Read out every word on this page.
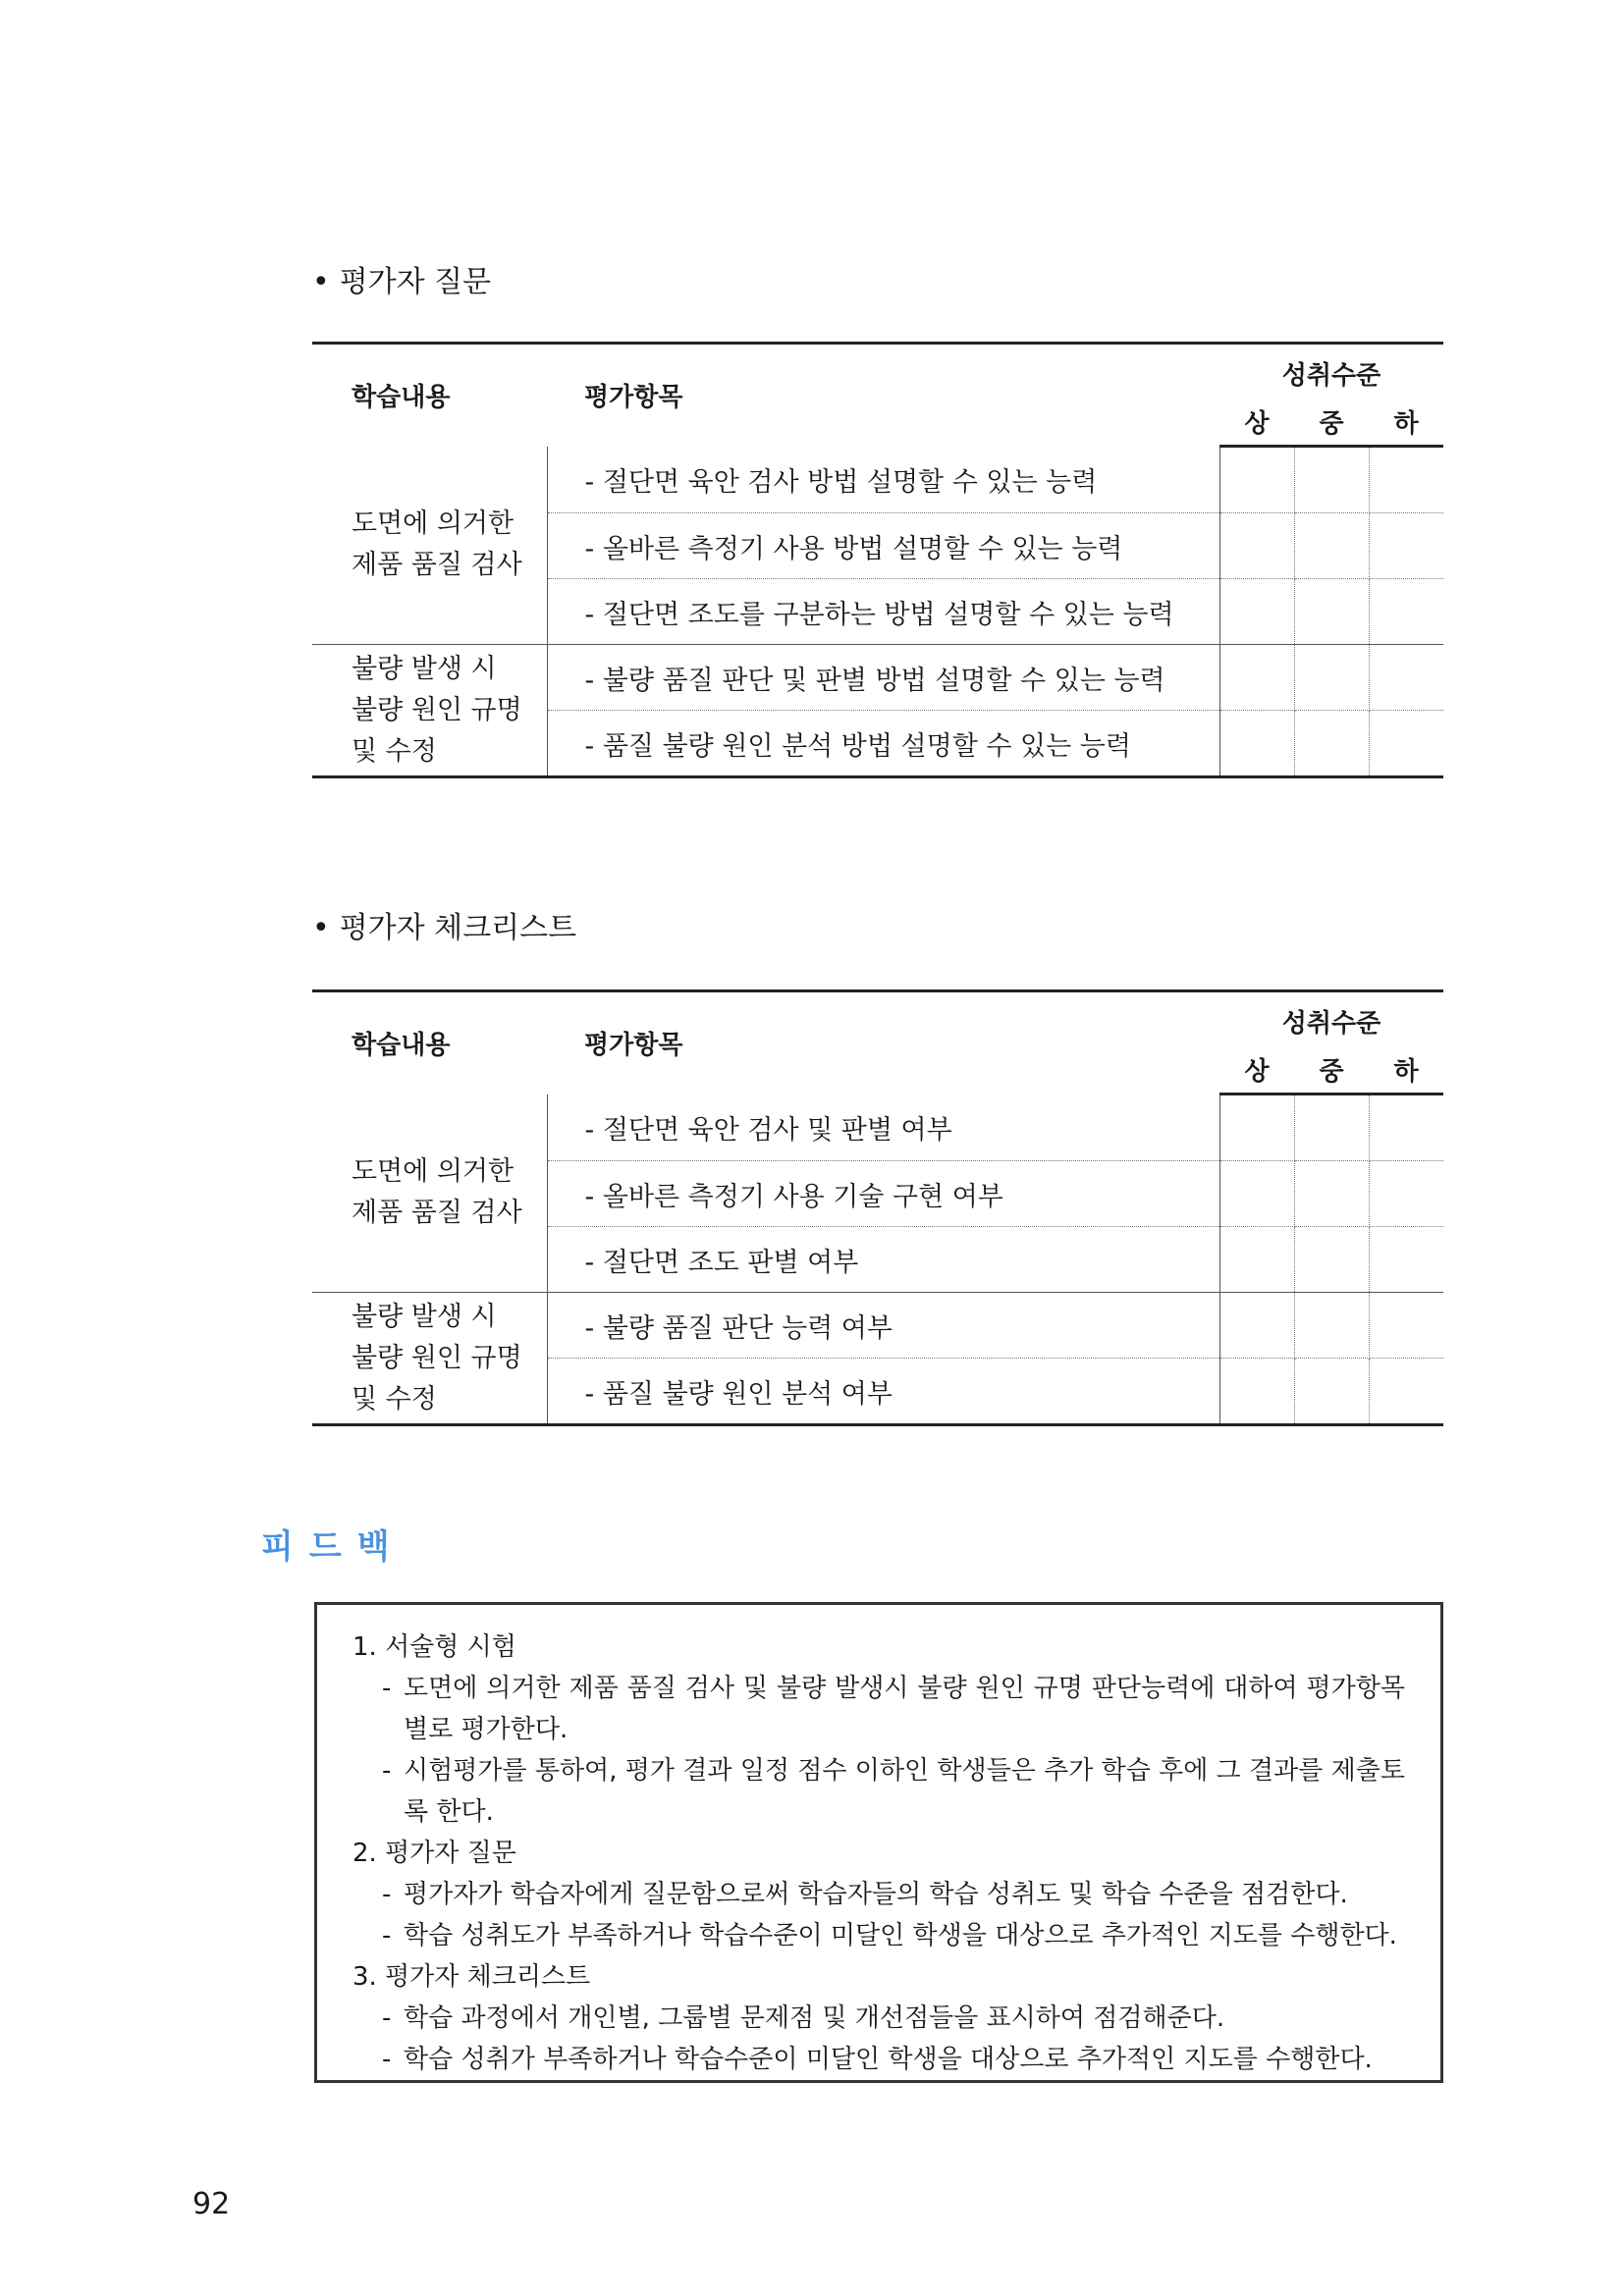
• 평가자 질문
학습내용	평가항목	성취수준		
		상	중	하

도면에 의거한
제품 품질 검사	- 절단면 육안 검사 방법 설명할 수 있는 능력			
	- 올바른 측정기 사용 방법 설명할 수 있는 능력			
	- 절단면 조도를 구분하는 방법 설명할 수 있는 능력			

불량 발생 시
불량 원인 규명
및 수정	- 불량 품질 판단 및 판별 방법 설명할 수 있는 능력			
	- 품질 불량 원인 분석 방법 설명할 수 있는 능력			
• 평가자 체크리스트
학습내용	평가항목	성취수준		
		상	중	하

도면에 의거한
제품 품질 검사	- 절단면 육안 검사 및 판별 여부			
	- 올바른 측정기 사용 기술 구현 여부			
	- 절단면 조도 판별 여부			

불량 발생 시
불량 원인 규명
및 수정	- 불량 품질 판단 능력 여부			
	- 품질 불량 원인 분석 여부			
피드백
1. 서술형 시험
- 도면에 의거한 제품 품질 검사 및 불량 발생시 불량 원인 규명 판단능력에 대하여 평가항목별로 평가한다.
- 시험평가를 통하여, 평가 결과 일정 점수 이하인 학생들은 추가 학습 후에 그 결과를 제출토록 한다.
2. 평가자 질문
- 평가자가 학습자에게 질문함으로써 학습자들의 학습 성취도 및 학습 수준을 점검한다.
- 학습 성취도가 부족하거나 학습수준이 미달인 학생을 대상으로 추가적인 지도를 수행한다.
3. 평가자 체크리스트
- 학습 과정에서 개인별, 그룹별 문제점 및 개선점들을 표시하여 점검해준다.
- 학습 성취가 부족하거나 학습수준이 미달인 학생을 대상으로 추가적인 지도를 수행한다.
92
